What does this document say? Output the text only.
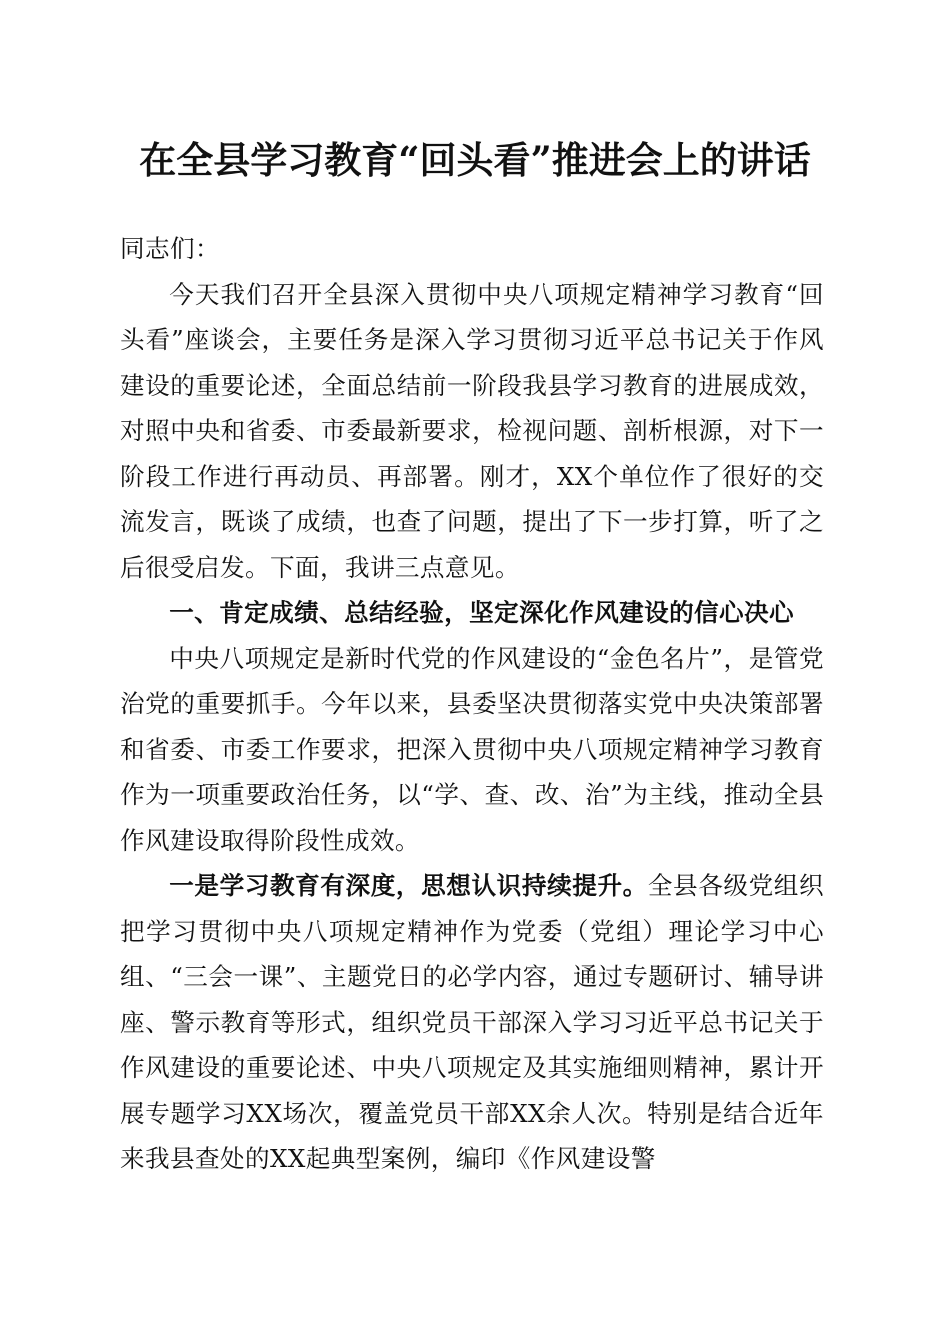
在全县学习教育“回头看”推进会上的讲话

同志们：

今天我们召开全县深入贯彻中央八项规定精神学习教育“回头看”座谈会，主要任务是深入学习贯彻习近平总书记关于作风建设的重要论述，全面总结前一阶段我县学习教育的进展成效，对照中央和省委、市委最新要求，检视问题、剖析根源，对下一阶段工作进行再动员、再部署。刚才，XX个单位作了很好的交流发言，既谈了成绩，也查了问题，提出了下一步打算，听了之后很受启发。下面，我讲三点意见。

一、肯定成绩、总结经验，坚定深化作风建设的信心决心

中央八项规定是新时代党的作风建设的“金色名片”，是管党治党的重要抓手。今年以来，县委坚决贯彻落实党中央决策部署和省委、市委工作要求，把深入贯彻中央八项规定精神学习教育作为一项重要政治任务，以“学、查、改、治”为主线，推动全县作风建设取得阶段性成效。

一是学习教育有深度，思想认识持续提升。全县各级党组织把学习贯彻中央八项规定精神作为党委（党组）理论学习中心组、“三会一课”、主题党日的必学内容，通过专题研讨、辅导讲座、警示教育等形式，组织党员干部深入学习习近平总书记关于作风建设的重要论述、中央八项规定及其实施细则精神，累计开展专题学习XX场次，覆盖党员干部XX余人次。特别是结合近年来我县查处的XX起典型案例，编印《作风建设警
